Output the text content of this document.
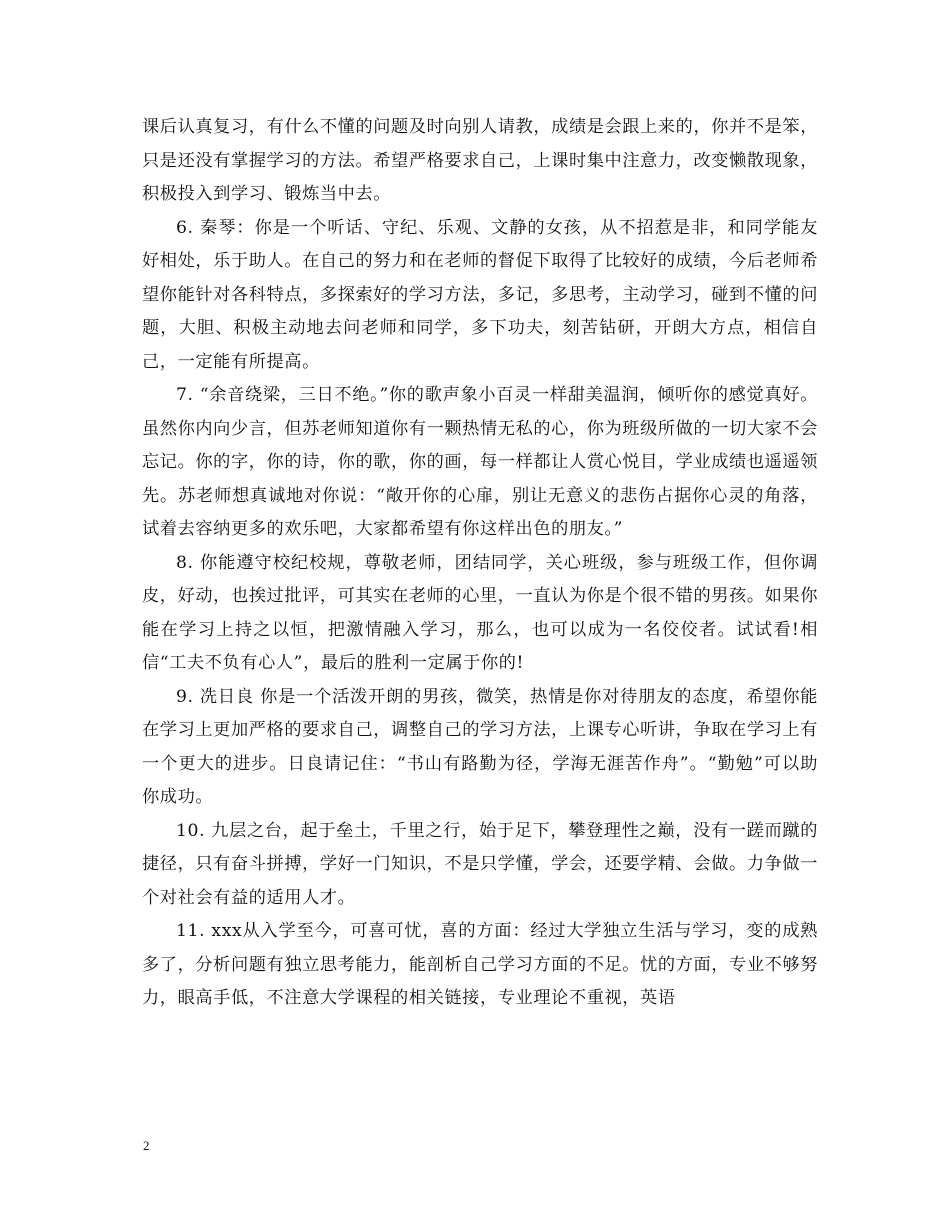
课后认真复习，有什么不懂的问题及时向别人请教，成绩是会跟上来的，你并不是笨，只是还没有掌握学习的方法。希望严格要求自己，上课时集中注意力，改变懒散现象，积极投入到学习、锻炼当中去。

6. 秦琴：你是一个听话、守纪、乐观、文静的女孩，从不招惹是非，和同学能友好相处，乐于助人。在自己的努力和在老师的督促下取得了比较好的成绩，今后老师希望你能针对各科特点，多探索好的学习方法，多记，多思考，主动学习，碰到不懂的问题，大胆、积极主动地去问老师和同学，多下功夫，刻苦钻研，开朗大方点，相信自己，一定能有所提高。

7. “余音绕梁，三日不绝。”你的歌声象小百灵一样甜美温润，倾听你的感觉真好。虽然你内向少言，但苏老师知道你有一颗热情无私的心，你为班级所做的一切大家不会忘记。你的字，你的诗，你的歌，你的画，每一样都让人赏心悦目，学业成绩也遥遥领先。苏老师想真诚地对你说：“敞开你的心扉，别让无意义的悲伤占据你心灵的角落，试着去容纳更多的欢乐吧，大家都希望有你这样出色的朋友。”

8. 你能遵守校纪校规，尊敬老师，团结同学，关心班级，参与班级工作，但你调皮，好动，也挨过批评，可其实在老师的心里，一直认为你是个很不错的男孩。如果你能在学习上持之以恒，把激情融入学习，那么，也可以成为一名佼佼者。试试看!相信“工夫不负有心人”，最后的胜利一定属于你的!

9. 冼日良 你是一个活泼开朗的男孩，微笑，热情是你对待朋友的态度，希望你能在学习上更加严格的要求自己，调整自己的学习方法，上课专心听讲，争取在学习上有一个更大的进步。日良请记住：“书山有路勤为径，学海无涯苦作舟”。“勤勉”可以助你成功。

10. 九层之台，起于垒土，千里之行，始于足下，攀登理性之巅，没有一蹉而蹴的捷径，只有奋斗拼搏，学好一门知识，不是只学懂，学会，还要学精、会做。力争做一个对社会有益的适用人才。

11. xxx从入学至今，可喜可忧，喜的方面：经过大学独立生活与学习，变的成熟多了，分析问题有独立思考能力，能剖析自己学习方面的不足。忧的方面，专业不够努力，眼高手低，不注意大学课程的相关链接，专业理论不重视，英语

2
